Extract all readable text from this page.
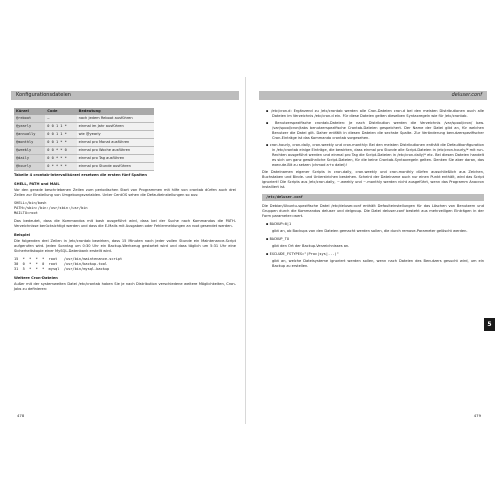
Konfigurationsdateien
Kürzel	Code	Bedeutung
@reboot	–	nach jedem Reboot ausführen
@yearly	0 0 1 1 *	einmal im Jahr ausführen
@annually	0 0 1 1 *	wie @yearly
@monthly	0 0 1 * *	einmal pro Monat ausführen
@weekly	0 0 * * 0	einmal pro Woche ausführen
@daily	0 0 * * *	einmal pro Tag ausführen
@hourly	0 * * * *	einmal pro Stunde ausführen
Tabelle 4 crontab-Intervallkürzel ersetzen die ersten fünf Spalten
SHELL, PATH und MAIL
Vor den gerade beschriebenen Zeilen zum periodischen Start von Programmen mit hilfe von crontab dürfen auch drei Zeilen zur Einstellung von Umgebungsvariablen. Unter CentOS sehen die Defaulteinstellungen so aus:
SHELL=/bin/bash
PATH=/sbin:/bin:/usr/sbin:/usr/bin
MAILTO=root
Das bedeutet, dass die Kommandos mit bash ausgeführt wird, dass bei der Suche nach Kommandos die PATH-Verzeichnisse berücksichtigt werden und dass die E-Mails mit Ausgaben oder Fehlermeldungen an root gesendet werden.
Beispiel
Die folgenden drei Zeilen in /etc/crontab bewirken, dass 15 Minuten nach jeder vollen Stunde ein Maintenance-Script aufgerufen wird. Jeden Sonntag um 0:30 Uhr ein Backup-Werkzeug gestartet wird und dass täglich um 5:31 Uhr eine Sicherheitskopie einer MySQL-Datenbank erstellt wird.
15  *  *  *  *  root   /usr/bin/maintenance-script
30  0  *  *  0  root   /usr/bin/backup-tool
31  5  *  *  *  mysql  /usr/bin/mysql-backup
Weitere Cron-Dateien
Außer mit der systemweiten Datei /etc/crontab haben Sie je nach Distribution verschiedene weitere Möglichkeiten, Cron-Jobs zu definieren:
478
deluser.conf
▪ /etc/cron.d: Ergänzend zu /etc/crontab werden alle Cron-Dateien cron.d bei den meisten Distributionen auch alle Dateien im Verzeichnis /etc/cron.d ein. Für diese Dateien gelten dieselben Syntaxregeln wie für /etc/crontab.
▪ Benutzerspezifische crontab-Dateien: Je nach Distribution werden die Verzeichnis /var/spool/cron/ bzw. /var/spool/cron/tabs benutzerspezifische Crontab-Dateien gespeichert. Der Name der Datei gibt an, für welchen Benutzer die Datei gilt. Daher entfällt in diesen Dateien die sechste Spalte. Zur Veränderung benutzerspezifischer Cron-Einträge ist das Kommando crontab vorgesehen.
▪ cron.hourly, cron.daily, cron.weekly und cron.monthly: Bei den meisten Distributionen enthält die Defaultkonfiguration in /etc/crontab einige Einträge, die bewirken, dass einmal pro Stunde alle Script-Dateien in /etc/cron.hourly/* mit run-Rechten ausgeführt werden und einmal pro Tag die Script-Dateien in /etc/cron.daily/* etc. Bei diesen Dateien handelt es sich um ganz gewöhnliche Script-Dateien, für die keine Crontab-Syntaxregeln gelten. Denken Sie aber daran, das execute-Bit zu setzen (chmod a+x datei)!
Die Dateinamen eigener Scripts in cron.daily, cron.weekly und cron.monthly dürfen ausschließlich aus Zeichen, Buchstaben und Binde- und Unterstrichen bestehen. Scheint der Dateiname auch nur einen Punkt enthält, wird das Script ignoriert! Die Scripts aus /etc/cron.daily, ~.weekly und ~.monthly werden nicht ausgeführt, wenn das Programm Anacron installiert ist.
/etc/deluser.conf
Die Debian/Ubuntu-spezifische Datei /etc/deluser.conf enthält Defaulteinstellungen für das Löschen von Benutzern und Gruppen durch die Kommandos deluser und delgroup. Die Datei deluser.conf besteht aus mehrzeiligen Einträgen in der Form parameter=wert.
▪ BACKUP=0|1
gibt an, ob Backups von den Dateien gemacht werden sollen, die durch remove-Parameter gelöscht werden.
▪ BACKUP_TO
gibt den Ort der Backup-Verzeichnisses an.
▪ EXCLUDE_FSTYPES="(Proc|sys|...)"
gibt an, welche Dateisysteme ignoriert werden sollen, wenn nach Dateien des Benutzers gesucht wird, um ein Backup zu erstellen.
479
5
